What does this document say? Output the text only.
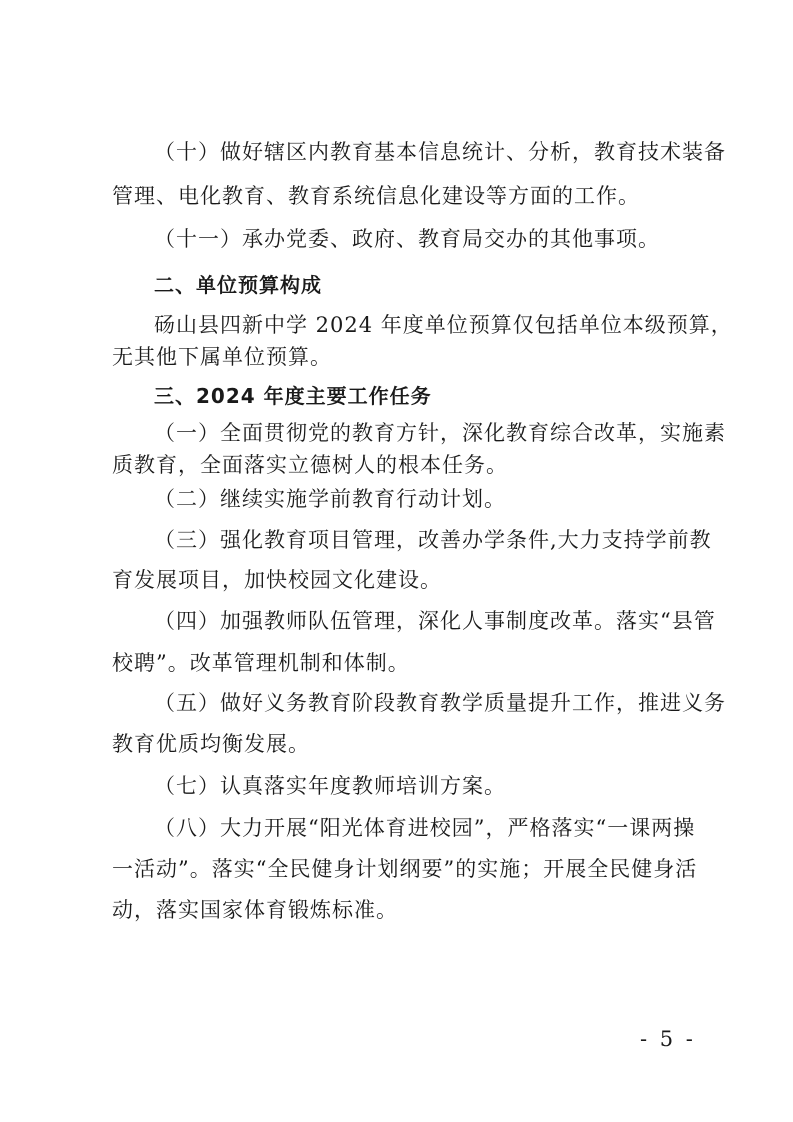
（十）做好辖区内教育基本信息统计、分析，教育技术装备
管理、电化教育、教育系统信息化建设等方面的工作。
（十一）承办党委、政府、教育局交办的其他事项。
二、单位预算构成
砀山县四新中学 2024 年度单位预算仅包括单位本级预算，
无其他下属单位预算。
三、2024 年度主要工作任务
（一）全面贯彻党的教育方针，深化教育综合改革，实施素
质教育，全面落实立德树人的根本任务。
（二）继续实施学前教育行动计划。
（三）强化教育项目管理，改善办学条件,大力支持学前教
育发展项目，加快校园文化建设。
（四）加强教师队伍管理，深化人事制度改革。落实“县管
校聘”。改革管理机制和体制。
（五）做好义务教育阶段教育教学质量提升工作，推进义务
教育优质均衡发展。
（七）认真落实年度教师培训方案。
（八）大力开展“阳光体育进校园”，严格落实“一课两操
一活动”。落实“全民健身计划纲要”的实施；开展全民健身活
动，落实国家体育锻炼标准。
- 5 -
